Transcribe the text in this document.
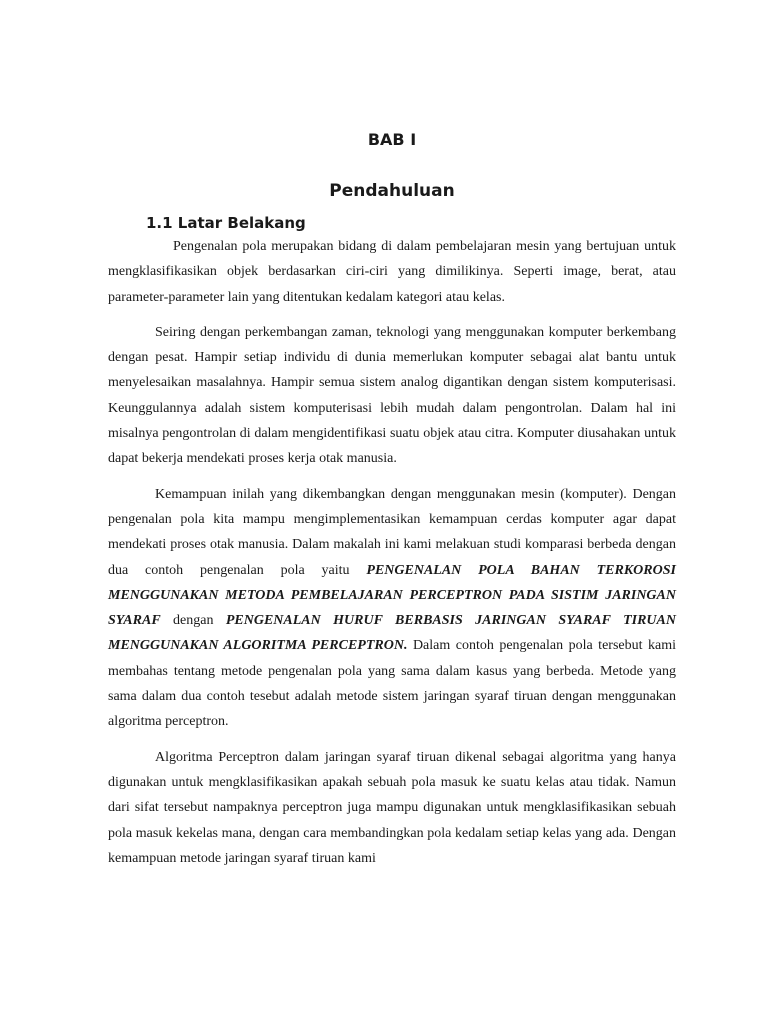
BAB I
Pendahuluan
1.1 Latar Belakang

Pengenalan pola merupakan bidang di dalam pembelajaran mesin yang bertujuan untuk mengklasifikasikan objek berdasarkan ciri-ciri yang dimilikinya. Seperti image, berat, atau parameter-parameter lain yang ditentukan kedalam kategori atau kelas.

Seiring dengan perkembangan zaman, teknologi yang menggunakan komputer berkembang dengan pesat. Hampir setiap individu di dunia memerlukan komputer sebagai alat bantu untuk menyelesaikan masalahnya. Hampir semua sistem analog digantikan dengan sistem komputerisasi. Keunggulannya adalah sistem komputerisasi lebih mudah dalam pengontrolan. Dalam hal ini misalnya pengontrolan di dalam mengidentifikasi suatu objek atau citra. Komputer diusahakan untuk dapat bekerja mendekati proses kerja otak manusia.

Kemampuan inilah yang dikembangkan dengan menggunakan mesin (komputer). Dengan pengenalan pola kita mampu mengimplementasikan kemampuan cerdas komputer agar dapat mendekati proses otak manusia. Dalam makalah ini kami melakuan studi komparasi berbeda dengan dua contoh pengenalan pola yaitu PENGENALAN POLA BAHAN TERKOROSI MENGGUNAKAN METODA PEMBELAJARAN PERCEPTRON PADA SISTIM JARINGAN SYARAF dengan PENGENALAN HURUF BERBASIS JARINGAN SYARAF TIRUAN MENGGUNAKAN ALGORITMA PERCEPTRON. Dalam contoh pengenalan pola tersebut kami membahas tentang metode pengenalan pola yang sama dalam kasus yang berbeda. Metode yang sama dalam dua contoh tesebut adalah metode sistem jaringan syaraf tiruan dengan menggunakan algoritma perceptron.

Algoritma Perceptron dalam jaringan syaraf tiruan dikenal sebagai algoritma yang hanya digunakan untuk mengklasifikasikan apakah sebuah pola masuk ke suatu kelas atau tidak. Namun dari sifat tersebut nampaknya perceptron juga mampu digunakan untuk mengklasifikasikan sebuah pola masuk kekelas mana, dengan cara membandingkan pola kedalam setiap kelas yang ada. Dengan kemampuan metode jaringan syaraf tiruan kami
